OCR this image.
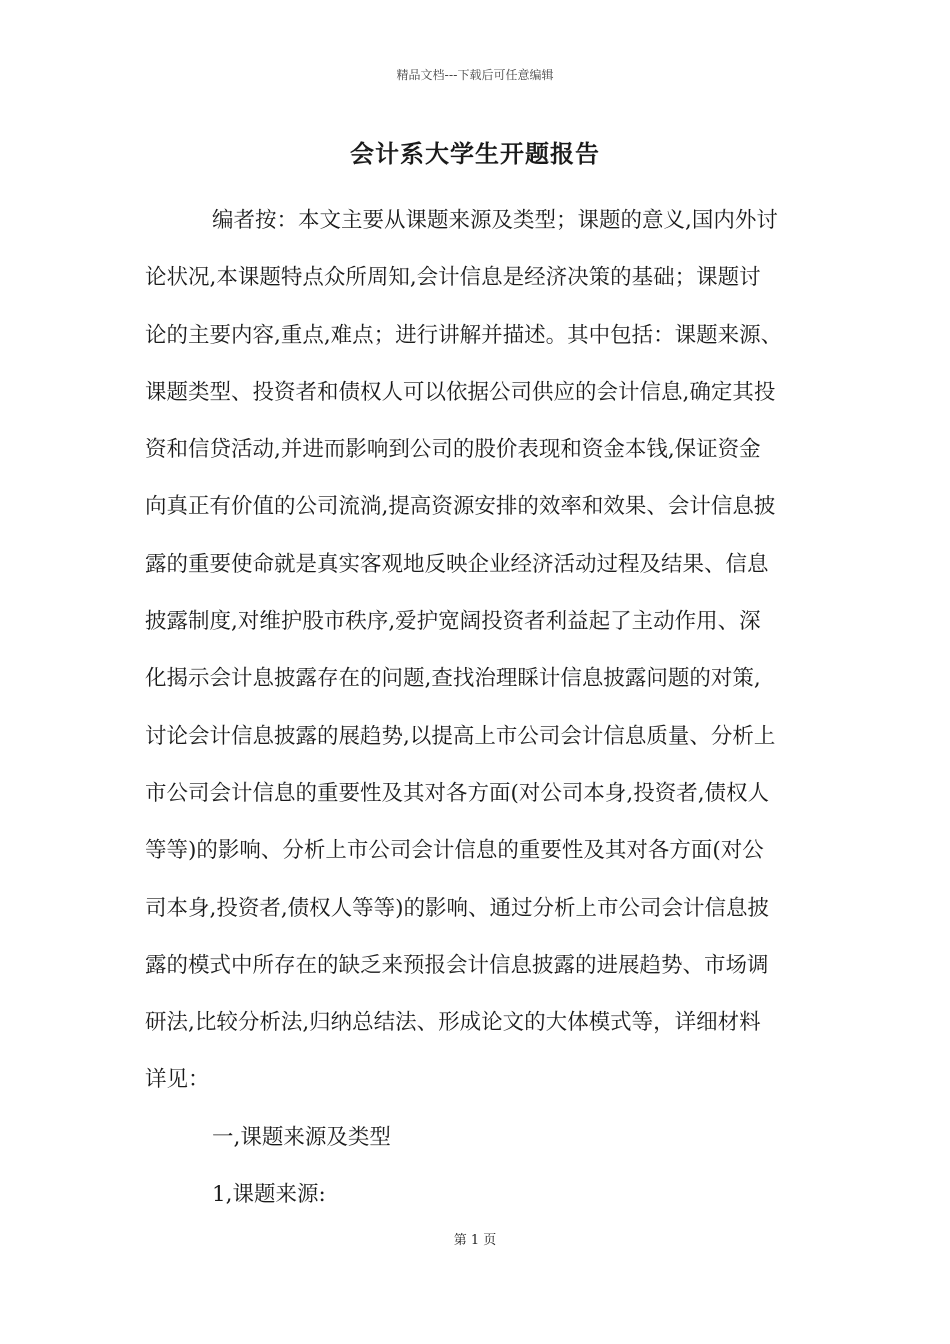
精品文档---下载后可任意编辑
会计系大学生开题报告
编者按：本文主要从课题来源及类型；课题的意义,国内外讨
论状况,本课题特点众所周知,会计信息是经济决策的基础；课题讨
论的主要内容,重点,难点；进行讲解并描述。其中包括：课题来源、
课题类型、投资者和债权人可以依据公司供应的会计信息,确定其投
资和信贷活动,并进而影响到公司的股价表现和资金本钱,保证资金
向真正有价值的公司流淌,提高资源安排的效率和效果、会计信息披
露的重要使命就是真实客观地反映企业经济活动过程及结果、信息
披露制度,对维护股市秩序,爱护宽阔投资者利益起了主动作用、深
化揭示会计息披露存在的问题,查找治理睬计信息披露问题的对策,
讨论会计信息披露的展趋势,以提高上市公司会计信息质量、分析上
市公司会计信息的重要性及其对各方面(对公司本身,投资者,债权人
等等)的影响、分析上市公司会计信息的重要性及其对各方面(对公
司本身,投资者,债权人等等)的影响、通过分析上市公司会计信息披
露的模式中所存在的缺乏来预报会计信息披露的进展趋势、市场调
研法,比较分析法,归纳总结法、形成论文的大体模式等，详细材料
详见：
一,课题来源及类型
1,课题来源:
第 1 页
